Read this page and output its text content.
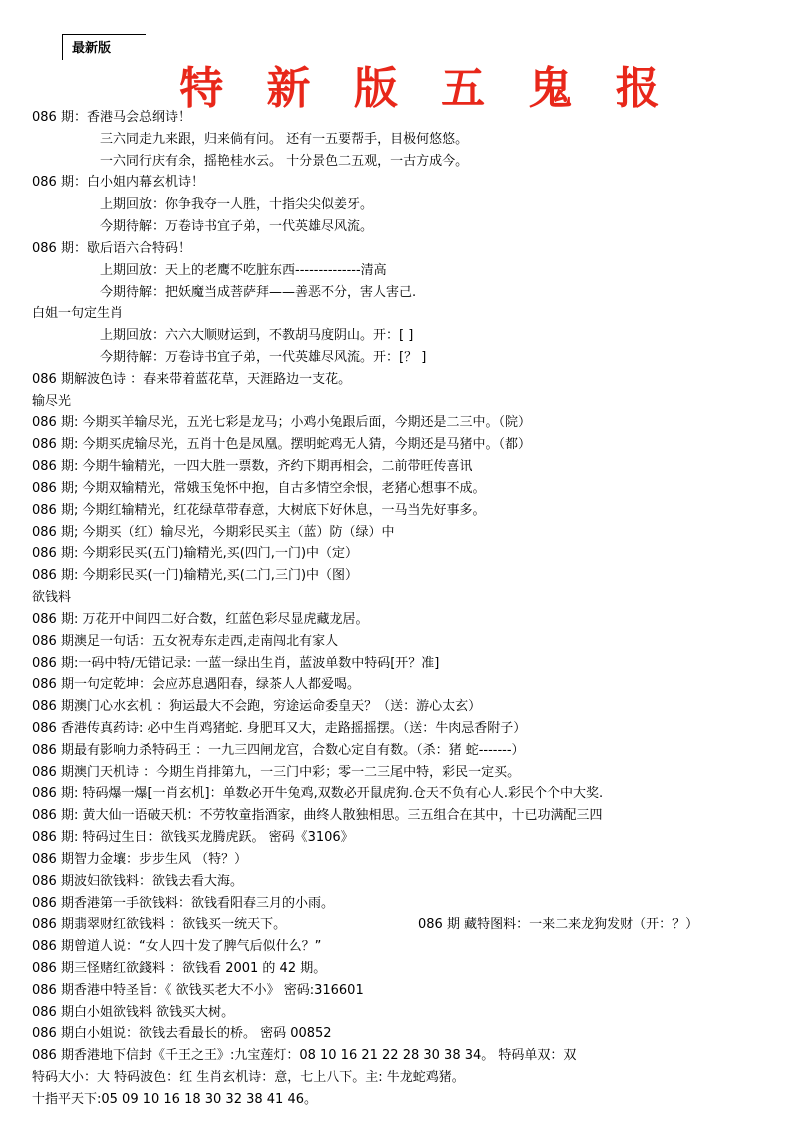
最新版
特 新 版 五 鬼 报
086 期：香港马会总纲诗！
三六同走九来跟，归来倘有问。 还有一五要帮手，目极何悠悠。
一六同行庆有余，摇艳桂水云。 十分景色二五观，一古方成今。
086 期：白小姐内幕玄机诗！
上期回放：你争我夺一人胜，十指尖尖似姜牙。
今期待解：万卷诗书宜子弟，一代英雄尽风流。
086 期：歇后语六合特码！
上期回放：天上的老鹰不吃脏东西--------------清高
今期待解：把妖魔当成菩萨拜——善恶不分，害人害己.
白姐一句定生肖
上期回放：六六大顺财运到，不教胡马度阴山。开：[ ]
今期待解：万卷诗书宜子弟，一代英雄尽风流。开：[？ ]
086 期解波色诗 ：春来带着蓝花草，天涯路边一支花。
输尽光
086 期: 今期买羊输尽光，五光七彩是龙马；小鸡小兔跟后面，今期还是二三中。（院）
086 期: 今期买虎输尽光，五肖十色是凤凰。摆明蛇鸡无人猜，今期还是马猪中。（都）
086 期: 今期牛输精光，一四大胜一票数，齐约下期再相会，二前带旺传喜讯
086 期; 今期双输精光，常娥玉兔怀中抱，自古多情空余恨，老猪心想事不成。
086 期; 今期红输精光，红花绿草带春意，大树底下好休息，一马当先好事多。
086 期; 今期买（红）输尽光，今期彩民买主（蓝）防（绿）中
086 期: 今期彩民买(五门)输精光,买(四门,一门)中（定）
086 期: 今期彩民买(一门)输精光,买(二门,三门)中（图）
欲钱料
086 期: 万花开中间四二好合数，红蓝色彩尽显虎藏龙居。
086 期澳足一句话：五女祝寿东走西,走南闯北有家人
086 期:一码中特/无错记录: 一蓝一绿出生肖，蓝波单数中特码[开？准]
086 期一句定乾坤：会应苏息遇阳春，绿茶人人都爱喝。
086 期澳门心水玄机 ：狗运最大不会跑，穷途运命委皇天？（送：游心太玄）
086 香港传真药诗: 必中生肖鸡猪蛇. 身肥耳又大，走路摇摇摆。（送：牛肉忌香附子）
086 期最有影响力杀特码王 ：一九三四闸龙宫，合数心定自有数。（杀：猪 蛇-------）
086 期澳门天机诗 ：今期生肖排第九，一三门中彩；零一二三尾中特，彩民一定买。
086 期: 特码爆一爆[一肖玄机]：单数必开牛兔鸡,双数必开鼠虎狗.仓天不负有心人.彩民个个中大奖.
086 期: 黄大仙一语破天机：不劳牧童指酒家，曲终人散独相思。三五组合在其中，十已功满配三四
086 期: 特码过生日：欲钱买龙腾虎跃。 密码《3106》
086 期智力金壤：步步生风 （特？）
086 期波妇欲钱料：欲钱去看大海。
086 期香港第一手欲钱料：欲钱看阳春三月的小雨。
086 期翡翠财红欲钱料 ：欲钱买一统天下。	086 期 藏特图料：一来二来龙狗发财（开：？）
086 期曾道人说：“女人四十发了脾气后似什么？”
086 期三怪赌红欲錢料 ：欲钱看 2001 的 42 期。
086 期香港中特圣旨：《 欲钱买老大不小》 密码:316601
086 期白小姐欲钱料 欲钱买大树。
086 期白小姐说：欲钱去看最长的桥。 密码 00852
086 期香港地下信封《千王之王》:九宝莲灯：08 10 16 21 22 28 30 38 34。 特码单双：双
特码大小：大 特码波色：红 生肖玄机诗：意，七上八下。主: 牛龙蛇鸡猪。
十指平天下:05 09 10 16 18 30 32 38 41 46。
